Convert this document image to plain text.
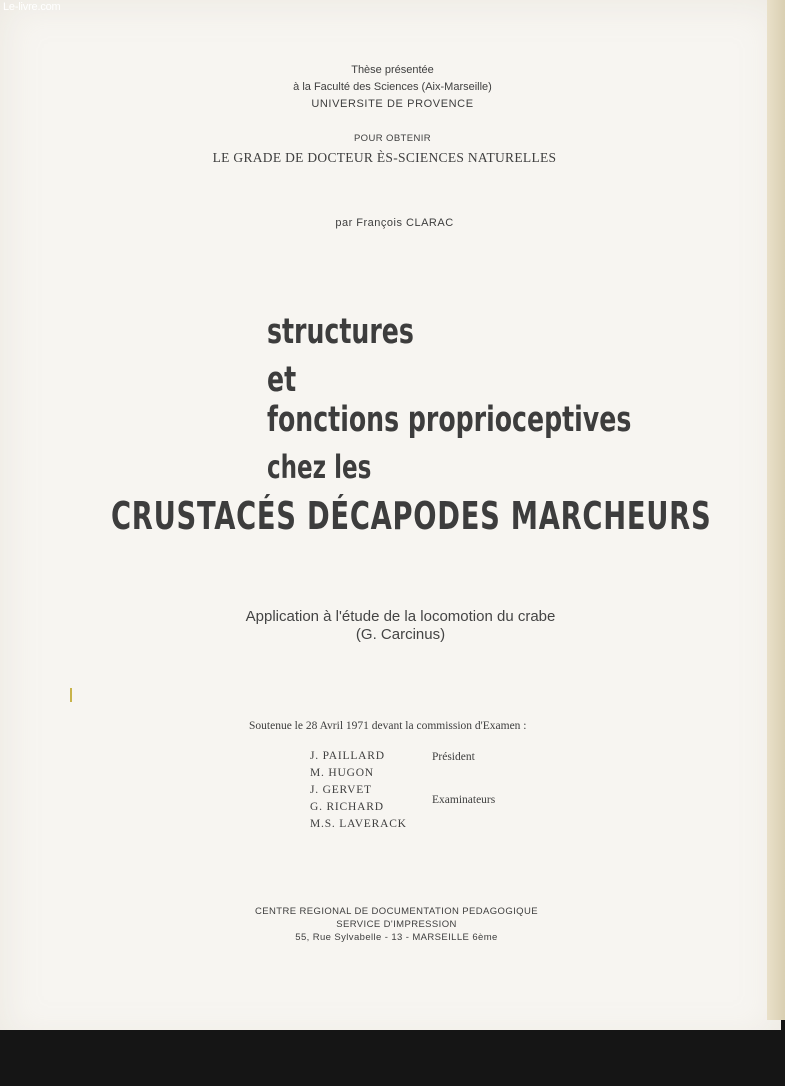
Thèse présentée
à la Faculté des Sciences (Aix-Marseille)
UNIVERSITE DE PROVENCE
POUR OBTENIR
LE GRADE DE DOCTEUR ÈS-SCIENCES NATURELLES
par François CLARAC
structures
et
fonctions proprioceptives
chez les
CRUSTACÉS DÉCAPODES MARCHEURS
Application à l'étude de la locomotion du crabe
(G. Carcinus)
Soutenue le 28 Avril 1971 devant la commission d'Examen :
J. PAILLARD
M. HUGON
J. GERVET
G. RICHARD
M.S. LAVERACK
Président
Examinateurs
CENTRE REGIONAL DE DOCUMENTATION PEDAGOGIQUE
SERVICE D'IMPRESSION
55, Rue Sylvabelle - 13 - MARSEILLE 6ème
Le-livre.com
